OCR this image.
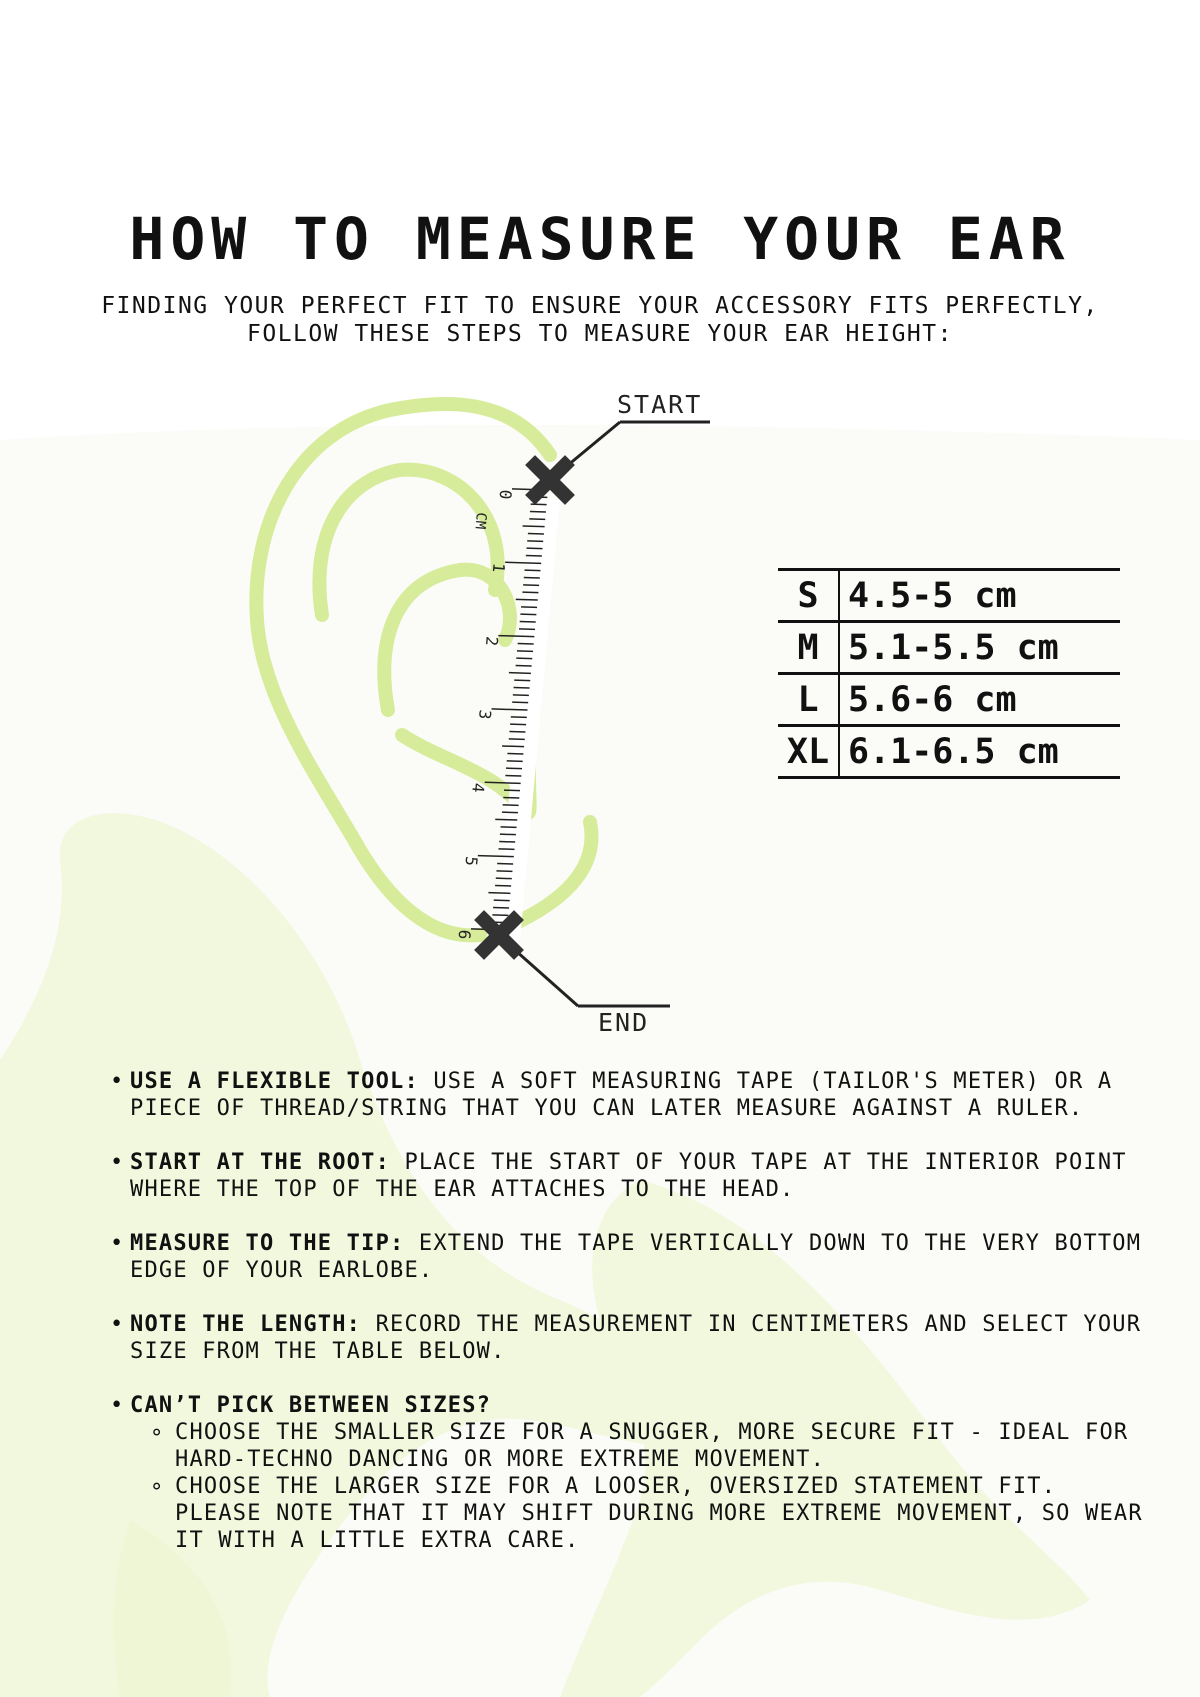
HOW TO MEASURE YOUR EAR
FINDING YOUR PERFECT FIT TO ENSURE YOUR ACCESSORY FITS PERFECTLY,
FOLLOW THESE STEPS TO MEASURE YOUR EAR HEIGHT:
0
1
2
3
4
5
6
CM
START
END
S	4.5-5 cm
M	5.1-5.5 cm
L	5.6-6 cm
XL	6.1-6.5 cm
• USE A FLEXIBLE TOOL: USE A SOFT MEASURING TAPE (TAILOR'S METER) OR A PIECE OF THREAD/STRING THAT YOU CAN LATER MEASURE AGAINST A RULER.
• START AT THE ROOT: PLACE THE START OF YOUR TAPE AT THE INTERIOR POINT WHERE THE TOP OF THE EAR ATTACHES TO THE HEAD.
• MEASURE TO THE TIP: EXTEND THE TAPE VERTICALLY DOWN TO THE VERY BOTTOM EDGE OF YOUR EARLOBE.
• NOTE THE LENGTH: RECORD THE MEASUREMENT IN CENTIMETERS AND SELECT YOUR SIZE FROM THE TABLE BELOW.
• CAN’T PICK BETWEEN SIZES?
∘ CHOOSE THE SMALLER SIZE FOR A SNUGGER, MORE SECURE FIT - IDEAL FOR HARD-TECHNO DANCING OR MORE EXTREME MOVEMENT.
∘ CHOOSE THE LARGER SIZE FOR A LOOSER, OVERSIZED STATEMENT FIT. PLEASE NOTE THAT IT MAY SHIFT DURING MORE EXTREME MOVEMENT, SO WEAR IT WITH A LITTLE EXTRA CARE.
